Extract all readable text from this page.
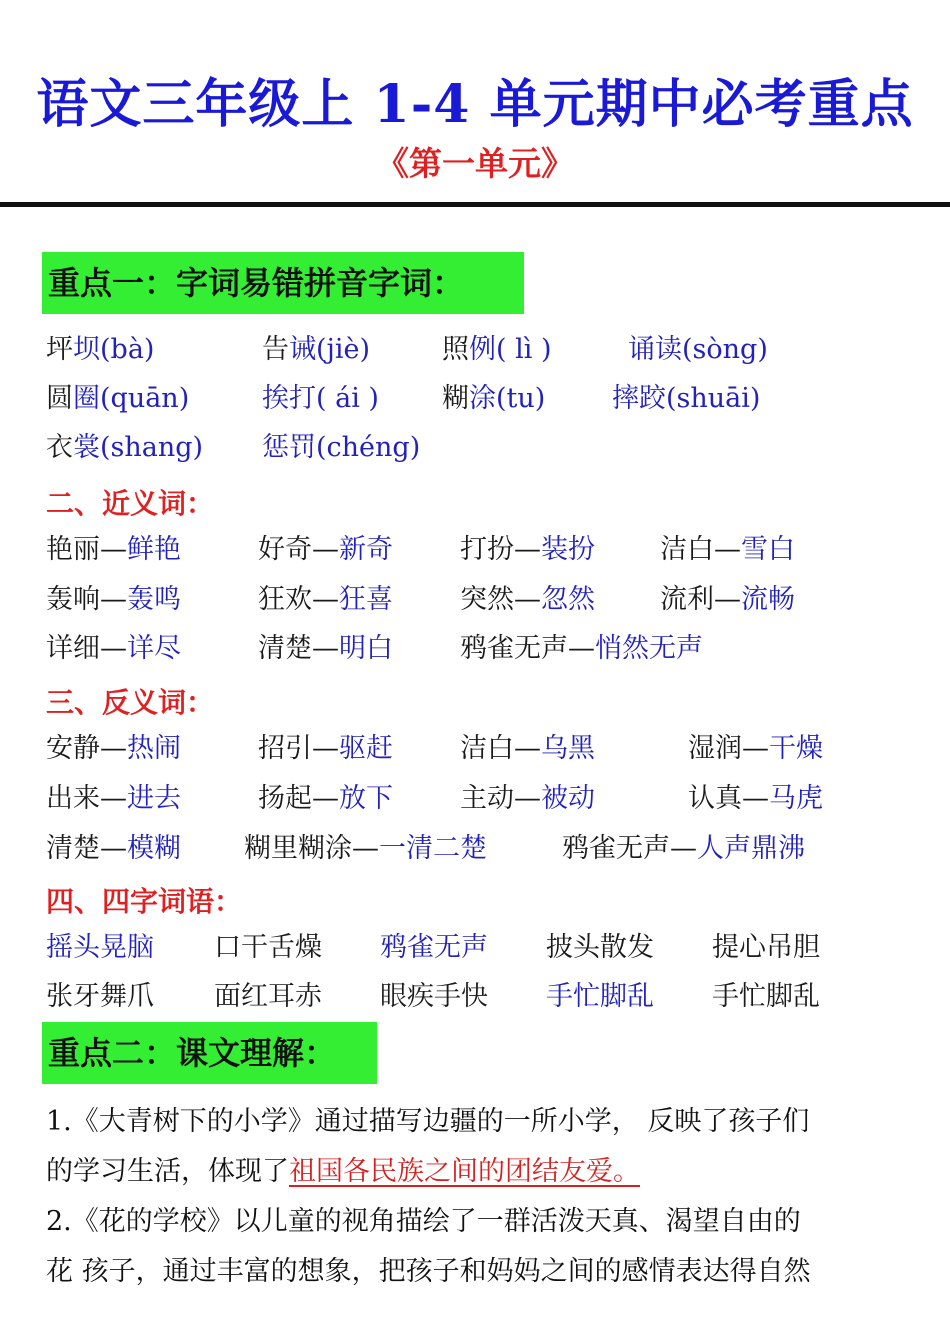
语文三年级上 1-4 单元期中必考重点
《第一单元》
重点一：字词易错拼音字词：
坪坝(bà)	告诫(jiè)	照例( lì )	诵读(sòng)
圆圈(quān)	挨打( ái ) 糊涂(tu) 摔跤(shuāi)
衣裳(shang) 惩罚(chéng)
二、近义词：
艳丽—鲜艳	好奇—新奇 打扮—装扮 洁白—雪白
轰响—轰鸣	狂欢—狂喜 突然—忽然 流利—流畅
详细—详尽	清楚—明白 鸦雀无声—悄然无声
三、反义词：
安静—热闹	招引—驱赶 洁白—乌黑	湿润—干燥
出来—进去	扬起—放下 主动—被动	认真—马虎
清楚—模糊 糊里糊涂—一清二楚	鸦雀无声—人声鼎沸
四、四字词语：
摇头晃脑 口干舌燥 鸦雀无声 披头散发 提心吊胆
张牙舞爪 面红耳赤 眼疾手快 手忙脚乱 手忙脚乱
重点二：课文理解：
1.《大青树下的小学》通过描写边疆的一所小学， 反映了孩子们
的学习生活，体现了祖国各民族之间的团结友爱。
2.《花的学校》以儿童的视角描绘了一群活泼天真、渴望自由的
花 孩子，通过丰富的想象，把孩子和妈妈之间的感情表达得自然
